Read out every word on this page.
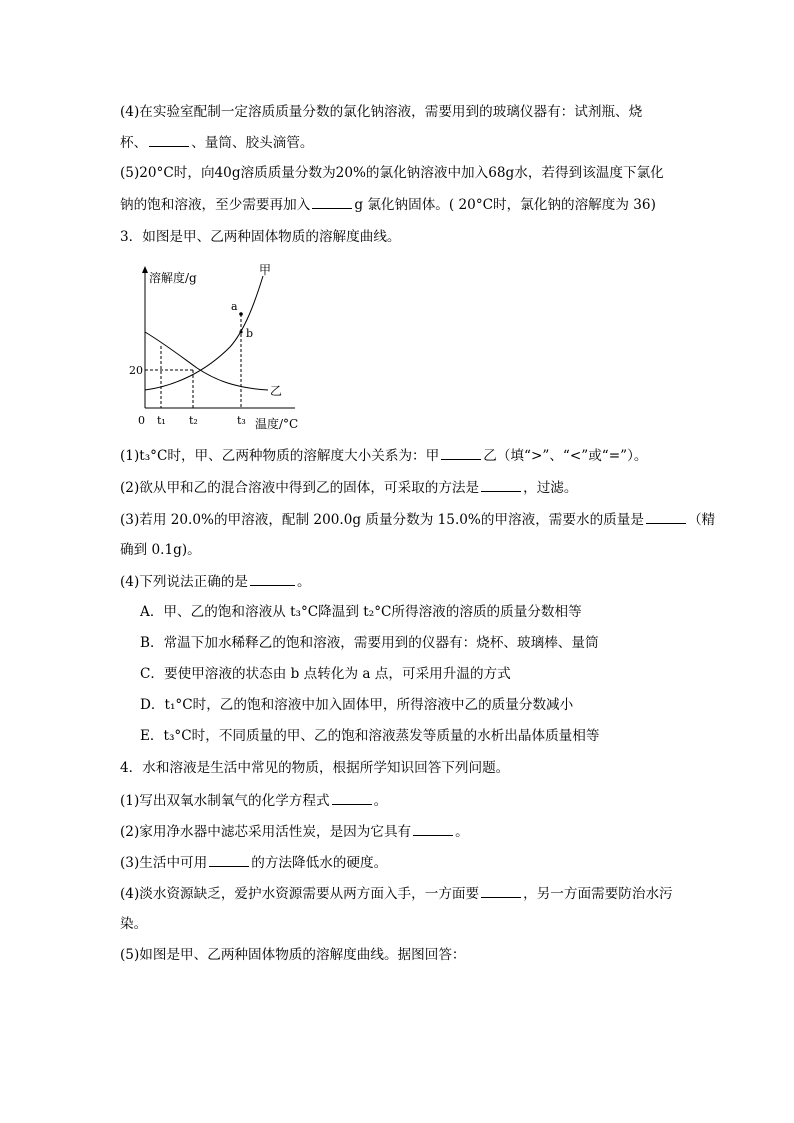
(4)在实验室配制一定溶质质量分数的氯化钠溶液，需要用到的玻璃仪器有：试剂瓶、烧
杯、	、量筒、胶头滴管。
(5)20°C时，向40g溶质质量分数为20%的氯化钠溶液中加入68g水，若得到该温度下氯化
钠的饱和溶液，至少需要再加入	g 氯化钠固体。( 20°C时，氯化钠的溶解度为 36)
3．如图是甲、乙两种固体物质的溶解度曲线。
溶解度/g
温度/°C
0
20
甲
乙
a
b
t₁ t₂	t₃
(1)t₃°C时，甲、乙两种物质的溶解度大小关系为：甲	乙（填“>”、“<”或“=”）。
(2)欲从甲和乙的混合溶液中得到乙的固体，可采取的方法是	，过滤。
(3)若用 20.0%的甲溶液，配制 200.0g 质量分数为 15.0%的甲溶液，需要水的质量是	（精
确到 0.1g)。
(4)下列说法正确的是	。
A．甲、乙的饱和溶液从 t₃°C降温到 t₂°C所得溶液的溶质的质量分数相等
B．常温下加水稀释乙的饱和溶液，需要用到的仪器有：烧杯、玻璃棒、量筒
C．要使甲溶液的状态由 b 点转化为 a 点，可采用升温的方式
D．t₁°C时，乙的饱和溶液中加入固体甲，所得溶液中乙的质量分数减小
E．t₃°C时，不同质量的甲、乙的饱和溶液蒸发等质量的水析出晶体质量相等
4．水和溶液是生活中常见的物质，根据所学知识回答下列问题。
(1)写出双氧水制氧气的化学方程式	。
(2)家用净水器中滤芯采用活性炭，是因为它具有	。
(3)生活中可用	的方法降低水的硬度。
(4)淡水资源缺乏，爱护水资源需要从两方面入手，一方面要	，另一方面需要防治水污
染。
(5)如图是甲、乙两种固体物质的溶解度曲线。据图回答：
